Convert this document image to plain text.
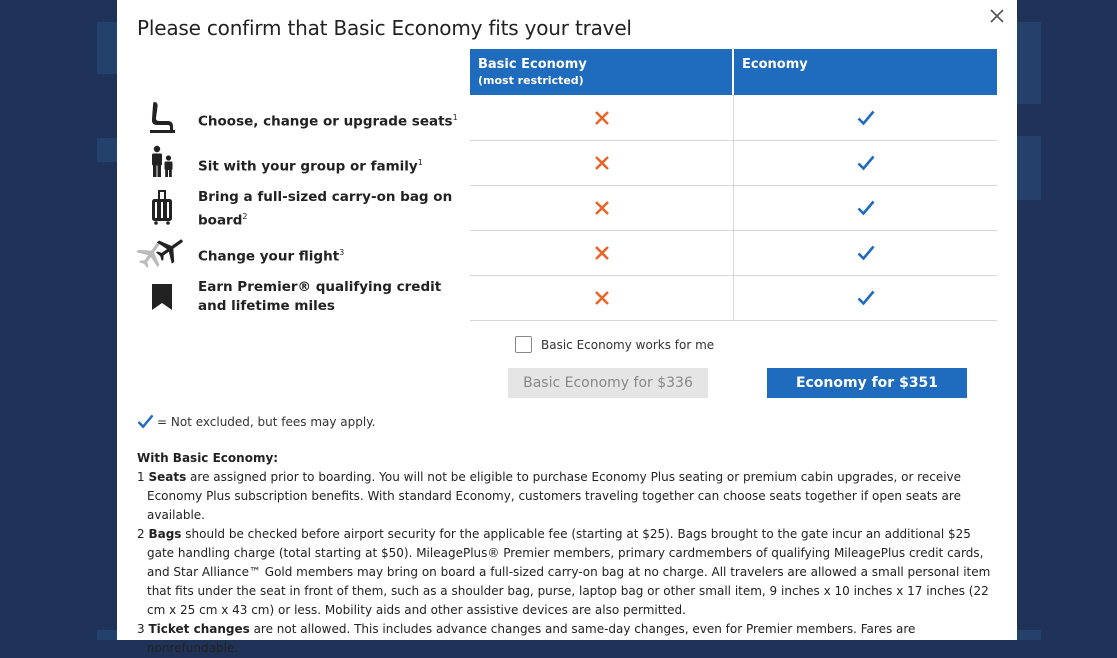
Please confirm that Basic Economy fits your travel
Basic Economy
(most restricted)
Economy
Choose, change or upgrade seats$^1$
Sit with your group or family$^1$
Bring a full-sized carry-on bag on board$^2$
Change your flight$^3$
Earn Premier® qualifying credit and lifetime miles
Basic Economy works for me
Basic Economy for $336	Economy for $351
= Not excluded, but fees may apply.
With Basic Economy:
1 Seats are assigned prior to boarding. You will not be eligible to purchase Economy Plus seating or premium cabin upgrades, or receive Economy Plus subscription benefits. With standard Economy, customers traveling together can choose seats together if open seats are available.
2 Bags should be checked before airport security for the applicable fee (starting at $25). Bags brought to the gate incur an additional $25 gate handling charge (total starting at $50). MileagePlus® Premier members, primary cardmembers of qualifying MileagePlus credit cards, and Star Alliance™ Gold members may bring on board a full-sized carry-on bag at no charge. All travelers are allowed a small personal item that fits under the seat in front of them, such as a shoulder bag, purse, laptop bag or other small item, 9 inches x 10 inches x 17 inches (22 cm x 25 cm x 43 cm) or less. Mobility aids and other assistive devices are also permitted.
3 Ticket changes are not allowed. This includes advance changes and same-day changes, even for Premier members. Fares are nonrefundable.
